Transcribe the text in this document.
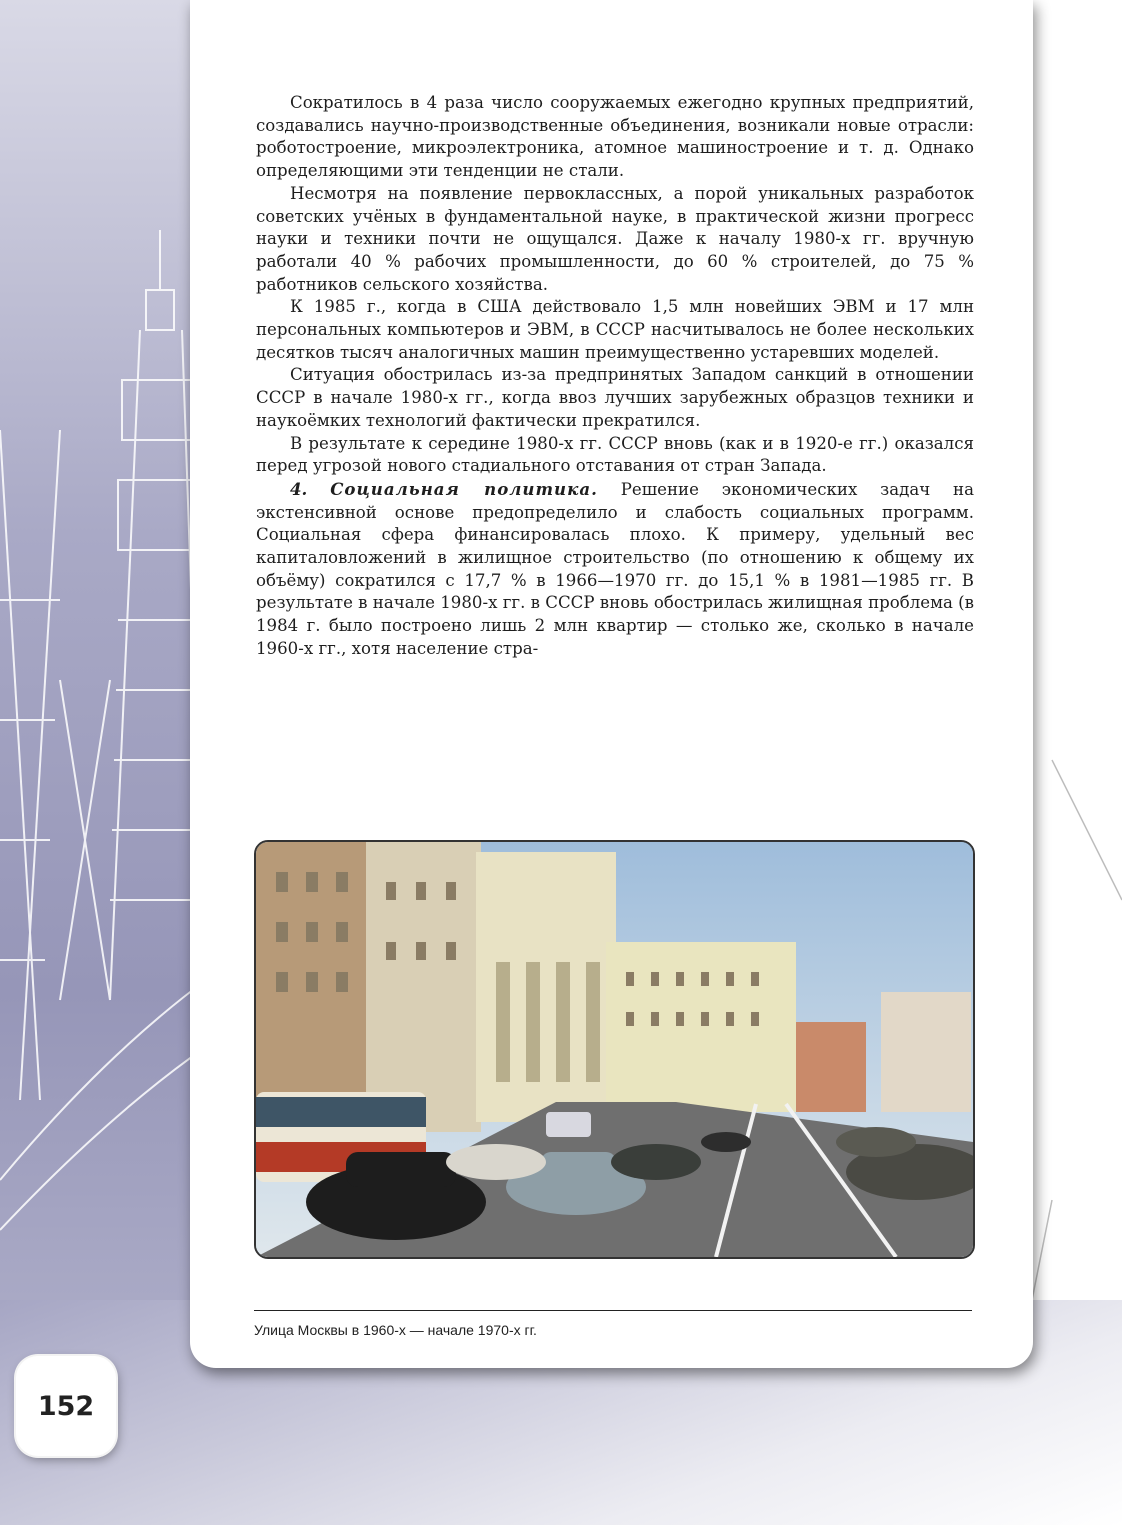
Сократилось в 4 раза число сооружаемых ежегодно крупных предприятий, создавались научно-производственные объединения, возникали новые отрасли: роботостроение, микроэлектроника, атомное машиностроение и т. д. Однако определяющими эти тенденции не стали.

Несмотря на появление первоклассных, а порой уникальных разработок советских учёных в фундаментальной науке, в практической жизни прогресс науки и техники почти не ощущался. Даже к началу 1980-х гг. вручную работали 40 % рабочих промышленности, до 60 % строителей, до 75 % работников сельского хозяйства.

К 1985 г., когда в США действовало 1,5 млн новейших ЭВМ и 17 млн персональных компьютеров и ЭВМ, в СССР насчитывалось не более нескольких десятков тысяч аналогичных машин преимущественно устаревших моделей.

Ситуация обострилась из-за предпринятых Западом санкций в отношении СССР в начале 1980-х гг., когда ввоз лучших зарубежных образцов техники и наукоёмких технологий фактически прекратился.

В результате к середине 1980-х гг. СССР вновь (как и в 1920-е гг.) оказался перед угрозой нового стадиального отставания от стран Запада.

4. Социальная политика. Решение экономических задач на экстенсивной основе предопределило и слабость социальных программ. Социальная сфера финансировалась плохо. К примеру, удельный вес капиталовложений в жилищное строительство (по отношению к общему их объёму) сократился с 17,7 % в 1966—1970 гг. до 15,1 % в 1981—1985 гг. В результате в начале 1980-х гг. в СССР вновь обострилась жилищная проблема (в 1984 г. было построено лишь 2 млн квартир — столько же, сколько в начале 1960-х гг., хотя население стра-

Улица Москвы в 1960-х — начале 1970-х гг.
152
